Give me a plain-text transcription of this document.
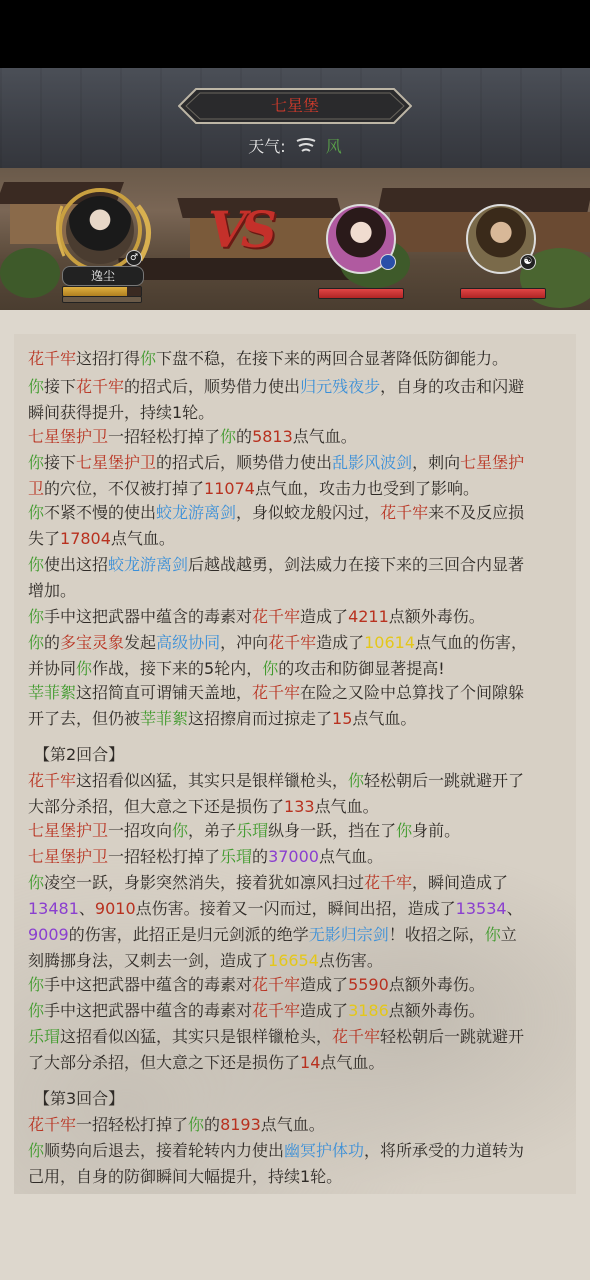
七星堡
天气:	风
♂
逸尘
VS
☯
花千牢这招打得你下盘不稳，在接下来的两回合显著降低防御能力。
你接下花千牢的招式后，顺势借力使出归元残夜步，自身的攻击和闪避
瞬间获得提升，持续1轮。
七星堡护卫一招轻松打掉了你的5813点气血。
你接下七星堡护卫的招式后，顺势借力使出乱影风波剑，刺向七星堡护
卫的穴位，不仅被打掉了11074点气血，攻击力也受到了影响。
你不紧不慢的使出蛟龙游离剑，身似蛟龙般闪过，花千牢来不及反应损
失了17804点气血。
你使出这招蛟龙游离剑后越战越勇，剑法威力在接下来的三回合内显著
增加。
你手中这把武器中蕴含的毒素对花千牢造成了4211点额外毒伤。
你的多宝灵象发起高级协同，冲向花千牢造成了10614点气血的伤害，
并协同你作战，接下来的5轮内，你的攻击和防御显著提高!
莘菲絮这招简直可谓铺天盖地，花千牢在险之又险中总算找了个间隙躲
开了去，但仍被莘菲絮这招擦肩而过掠走了15点气血。
【第2回合】
花千牢这招看似凶猛，其实只是银样镴枪头，你轻松朝后一跳就避开了
大部分杀招，但大意之下还是损伤了133点气血。
七星堡护卫一招攻向你，弟子乐瑁纵身一跃，挡在了你身前。
七星堡护卫一招轻松打掉了乐瑁的37000点气血。
你凌空一跃，身影突然消失，接着犹如凛风扫过花千牢，瞬间造成了
13481、9010点伤害。接着又一闪而过，瞬间出招，造成了13534、
9009的伤害，此招正是归元剑派的绝学无影归宗剑！收招之际，你立
刻腾挪身法，又刺去一剑，造成了16654点伤害。
你手中这把武器中蕴含的毒素对花千牢造成了5590点额外毒伤。
你手中这把武器中蕴含的毒素对花千牢造成了3186点额外毒伤。
乐瑁这招看似凶猛，其实只是银样镴枪头，花千牢轻松朝后一跳就避开
了大部分杀招，但大意之下还是损伤了14点气血。
【第3回合】
花千牢一招轻松打掉了你的8193点气血。
你顺势向后退去，接着轮转内力使出幽冥护体功，将所承受的力道转为
己用，自身的防御瞬间大幅提升，持续1轮。
